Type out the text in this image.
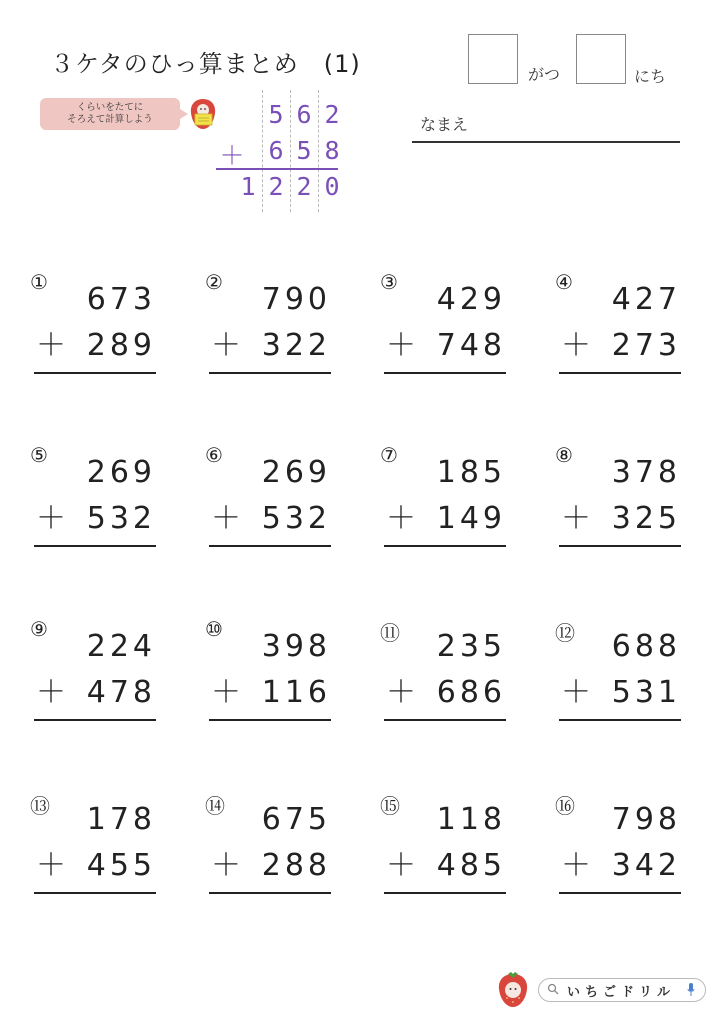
３ケタのひっ算まとめ　(1)	がつ	にち
なまえ
くらいをたてに
そろえて計算しよう	5 6 2
＋ 6 5 8
1 2 2 0
① 673
＋ 289
② 790
＋ 322
③ 429
＋ 748
④ 427
＋ 273
⑤ 269
＋ 532
⑥ 269
＋ 532
⑦ 185
＋ 149
⑧ 378
＋ 325
⑨ 224
＋ 478
⑩ 398
＋ 116
⑪ 235
＋ 686
⑫ 688
＋ 531
⑬ 178
＋ 455
⑭ 675
＋ 288
⑮ 118
＋ 485
⑯ 798
＋ 342
いちごドリル
